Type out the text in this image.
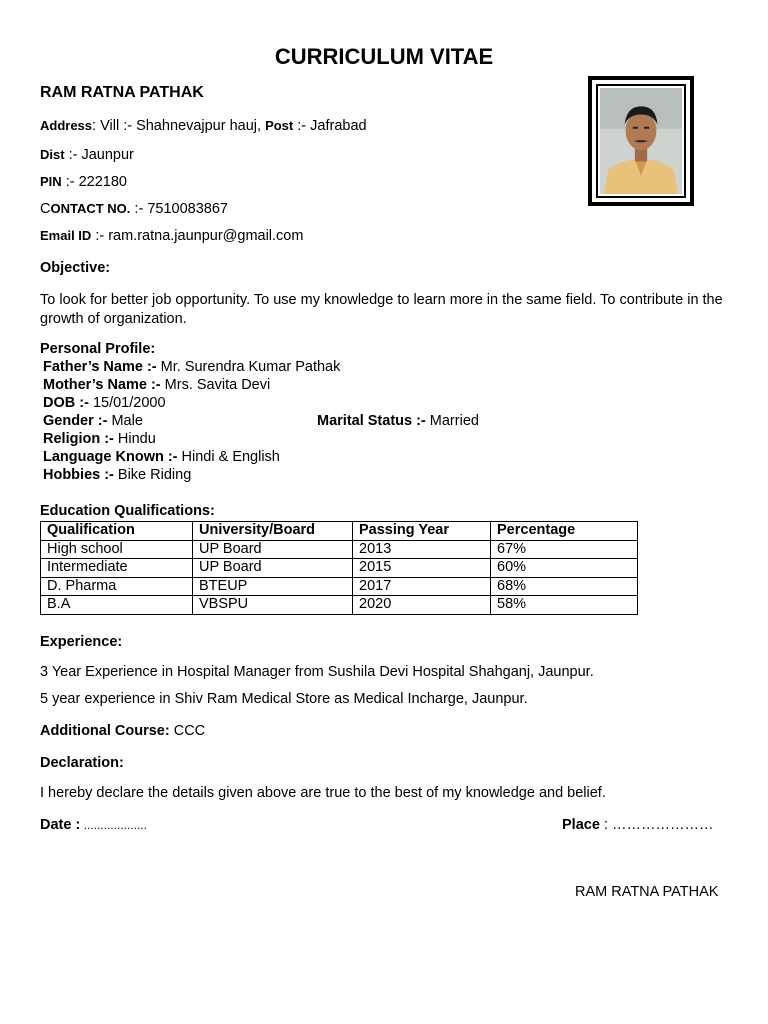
CURRICULUM VITAE
RAM RATNA PATHAK
Address: Vill :- Shahnevajpur hauj, Post :- Jafrabad
Dist :- Jaunpur
PIN :- 222180
CONTACT NO. :- 7510083867
Email ID :- ram.ratna.jaunpur@gmail.com
Objective:
To look for better job opportunity. To use my knowledge to learn more in the same field. To contribute in the growth of organization.
Personal Profile:
Father’s Name :- Mr. Surendra Kumar Pathak
Mother’s Name :- Mrs. Savita Devi
DOB :- 15/01/2000
Gender :- Male	Marital Status :- Married
Religion :- Hindu
Language Known :- Hindi & English
Hobbies :- Bike Riding
Education Qualifications:
Qualification	University/Board	Passing Year	Percentage
High school	UP Board	2013	67%
Intermediate	UP Board	2015	60%
D. Pharma	BTEUP	2017	68%
B.A	VBSPU	2020	58%
Experience:
3 Year Experience in Hospital Manager from Sushila Devi Hospital Shahganj, Jaunpur.
5 year experience in Shiv Ram Medical Store as Medical Incharge, Jaunpur.
Additional Course: CCC
Declaration:
I hereby declare the details given above are true to the best of my knowledge and belief.
Date : ...................	Place : …………………
RAM RATNA PATHAK
